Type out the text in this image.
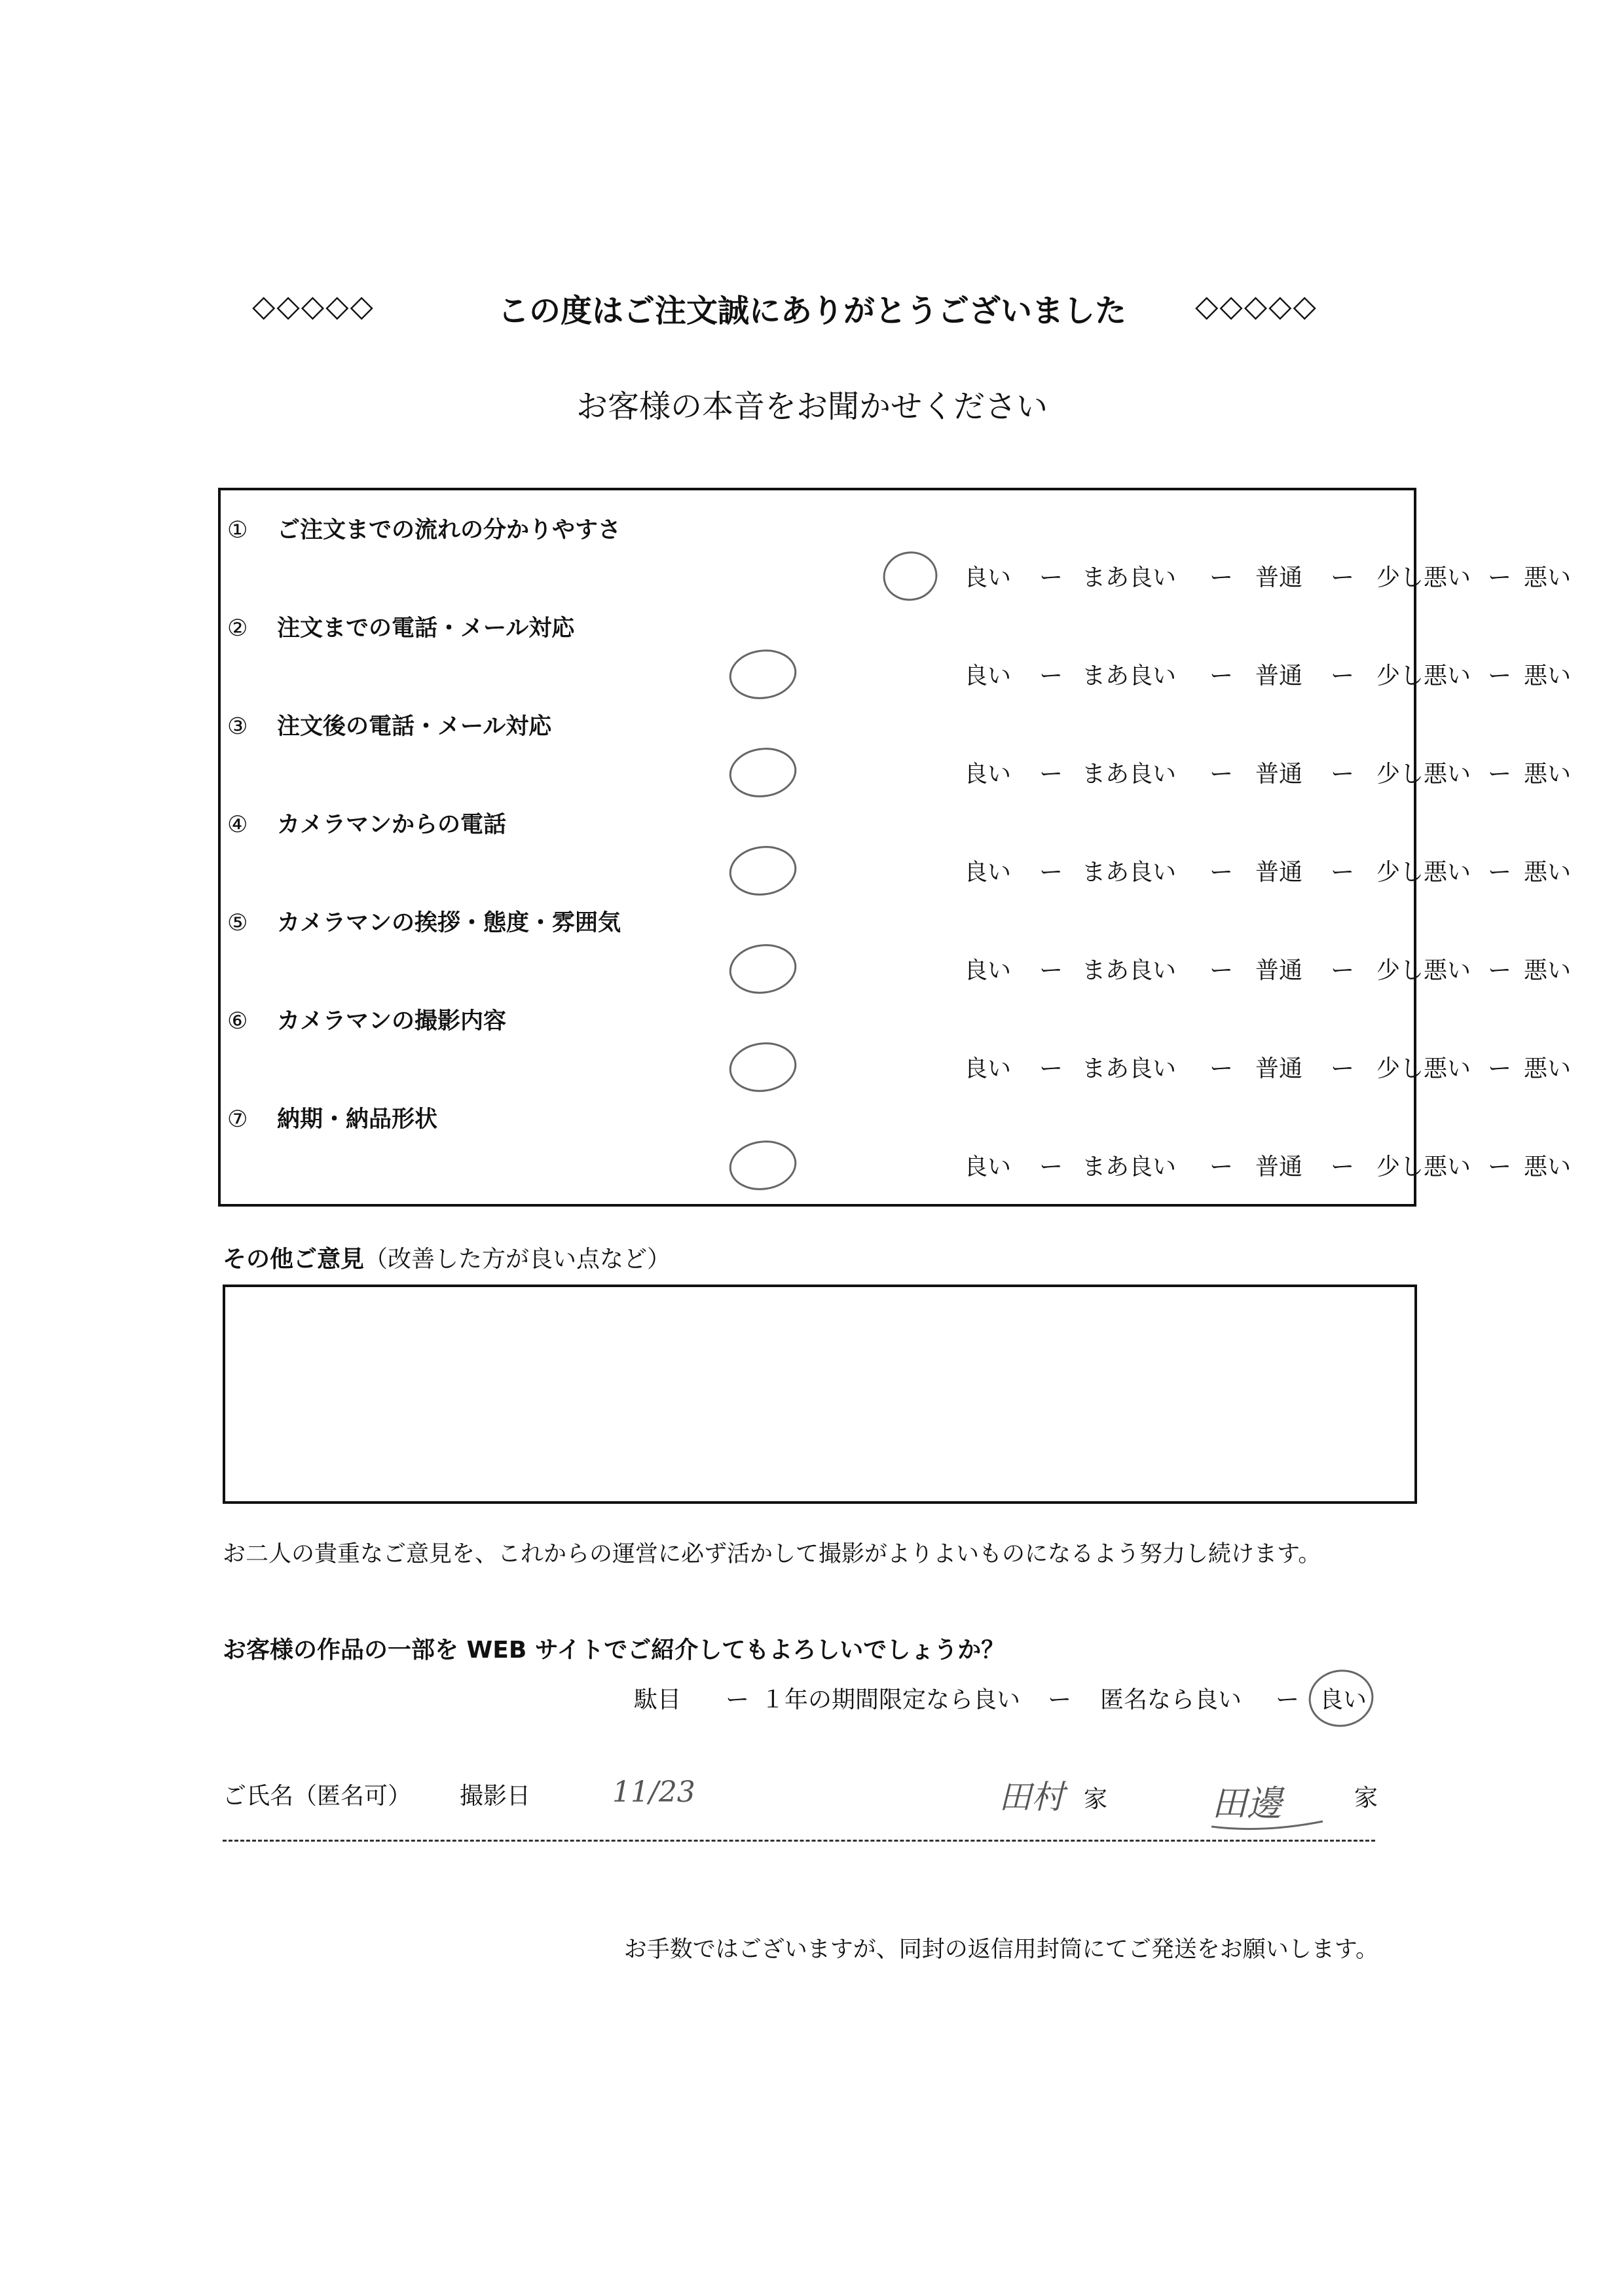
◇◇◇◇◇	この度はご注文誠にありがとうございました	◇◇◇◇◇
お客様の本音をお聞かせください
① ご注文までの流れの分かりやすさ
良い ー まあ良い ー 普通 ー 少し悪い ー 悪い
② 注文までの電話・メール対応
良い ー まあ良い ー 普通 ー 少し悪い ー 悪い
③ 注文後の電話・メール対応
良い ー まあ良い ー 普通 ー 少し悪い ー 悪い
④ カメラマンからの電話
良い ー まあ良い ー 普通 ー 少し悪い ー 悪い
⑤ カメラマンの挨拶・態度・雰囲気
良い ー まあ良い ー 普通 ー 少し悪い ー 悪い
⑥ カメラマンの撮影内容
良い ー まあ良い ー 普通 ー 少し悪い ー 悪い
⑦ 納期・納品形状
良い ー まあ良い ー 普通 ー 少し悪い ー 悪い
その他ご意見（改善した方が良い点など）
お二人の貴重なご意見を、これからの運営に必ず活かして撮影がよりよいものになるよう努力し続けます。
お客様の作品の一部を WEB サイトでご紹介してもよろしいでしょうか？
駄目 ー １年の期間限定なら良い ー 匿名なら良い ー 良い
ご氏名（匿名可） 撮影日	11/23	田村 家	田邊	家
お手数ではございますが、同封の返信用封筒にてご発送をお願いします。
